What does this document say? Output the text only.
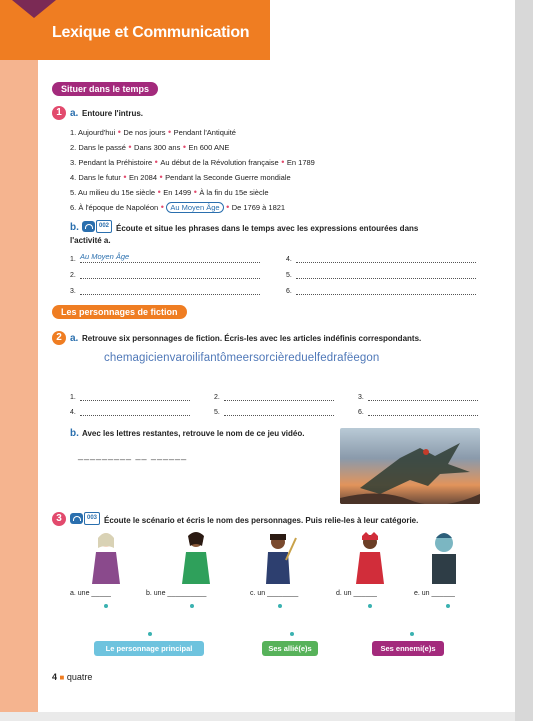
Lexique et Communication
Situer dans le temps
1 a. Entoure l'intrus.
1. Aujourd'hui • De nos jours • Pendant l'Antiquité
2. Dans le passé • Dans 300 ans • En 600 ANE
3. Pendant la Préhistoire • Au début de la Révolution française • En 1789
4. Dans le futur • En 2084 • Pendant la Seconde Guerre mondiale
5. Au milieu du 15e siècle • En 1499 • À la fin du 15e siècle
6. À l'époque de Napoléon • Au Moyen Âge • De 1769 à 1821
b.	002 Écoute et situe les phrases dans le temps avec les expressions entourées dans
l'activité a.
1.
2.
3.
4.
5.
6.
Au Moyen Âge
Les personnages de fiction
2 a. Retrouve six personnages de fiction. Écris-les avec les articles indéfinis correspondants.
chemagicienvaroilifantômeersorcièreduelfedrafëegon
1.	2.	3.
4.	5.	6.
b. Avec les lettres restantes, retrouve le nom de ce jeu vidéo.
_________ __ ______
3	003 Écoute le scénario et écris le nom des personnages. Puis relie-les à leur catégorie.
a. une _____	b. une __________	c. un ________	d. un ______	e. un ______
Le personnage principal	Ses allié(e)s	Ses ennemi(e)s
4 ■ quatre
